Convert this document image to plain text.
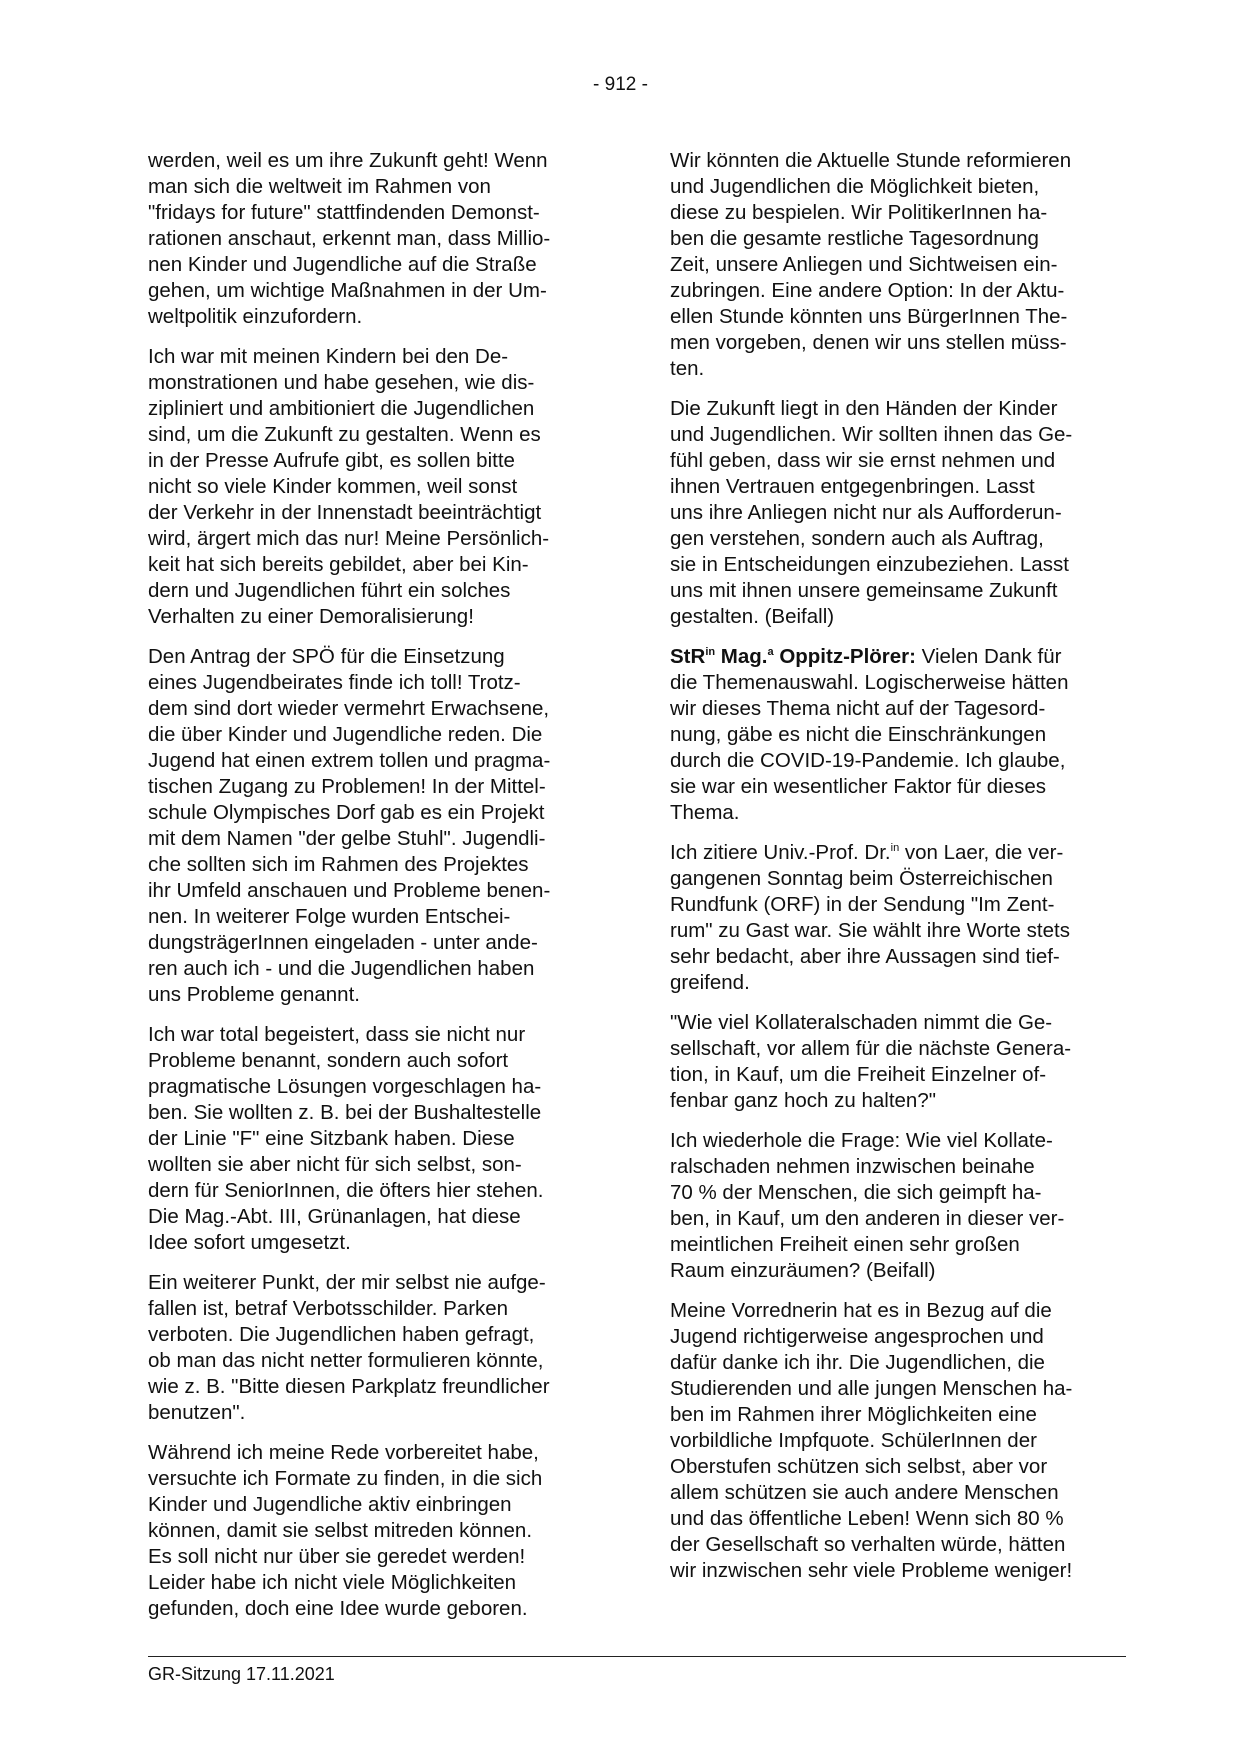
- 912 -

werden, weil es um ihre Zukunft geht! Wenn
man sich die weltweit im Rahmen von
"fridays for future" stattfindenden Demonst-
rationen anschaut, erkennt man, dass Millio-
nen Kinder und Jugendliche auf die Straße
gehen, um wichtige Maßnahmen in der Um-
weltpolitik einzufordern.

Ich war mit meinen Kindern bei den De-
monstrationen und habe gesehen, wie dis-
zipliniert und ambitioniert die Jugendlichen
sind, um die Zukunft zu gestalten. Wenn es
in der Presse Aufrufe gibt, es sollen bitte
nicht so viele Kinder kommen, weil sonst
der Verkehr in der Innenstadt beeinträchtigt
wird, ärgert mich das nur! Meine Persönlich-
keit hat sich bereits gebildet, aber bei Kin-
dern und Jugendlichen führt ein solches
Verhalten zu einer Demoralisierung!

Den Antrag der SPÖ für die Einsetzung
eines Jugendbeirates finde ich toll! Trotz-
dem sind dort wieder vermehrt Erwachsene,
die über Kinder und Jugendliche reden. Die
Jugend hat einen extrem tollen und pragma-
tischen Zugang zu Problemen! In der Mittel-
schule Olympisches Dorf gab es ein Projekt
mit dem Namen "der gelbe Stuhl". Jugendli-
che sollten sich im Rahmen des Projektes
ihr Umfeld anschauen und Probleme benen-
nen. In weiterer Folge wurden Entschei-
dungsträgerInnen eingeladen - unter ande-
ren auch ich - und die Jugendlichen haben
uns Probleme genannt.

Ich war total begeistert, dass sie nicht nur
Probleme benannt, sondern auch sofort
pragmatische Lösungen vorgeschlagen ha-
ben. Sie wollten z. B. bei der Bushaltestelle
der Linie "F" eine Sitzbank haben. Diese
wollten sie aber nicht für sich selbst, son-
dern für SeniorInnen, die öfters hier stehen.
Die Mag.-Abt. III, Grünanlagen, hat diese
Idee sofort umgesetzt.

Ein weiterer Punkt, der mir selbst nie aufge-
fallen ist, betraf Verbotsschilder. Parken
verboten. Die Jugendlichen haben gefragt,
ob man das nicht netter formulieren könnte,
wie z. B. "Bitte diesen Parkplatz freundlicher
benutzen".

Während ich meine Rede vorbereitet habe,
versuchte ich Formate zu finden, in die sich
Kinder und Jugendliche aktiv einbringen
können, damit sie selbst mitreden können.
Es soll nicht nur über sie geredet werden!
Leider habe ich nicht viele Möglichkeiten
gefunden, doch eine Idee wurde geboren.

Wir könnten die Aktuelle Stunde reformieren
und Jugendlichen die Möglichkeit bieten,
diese zu bespielen. Wir PolitikerInnen ha-
ben die gesamte restliche Tagesordnung
Zeit, unsere Anliegen und Sichtweisen ein-
zubringen. Eine andere Option: In der Aktu-
ellen Stunde könnten uns BürgerInnen The-
men vorgeben, denen wir uns stellen müss-
ten.

Die Zukunft liegt in den Händen der Kinder
und Jugendlichen. Wir sollten ihnen das Ge-
fühl geben, dass wir sie ernst nehmen und
ihnen Vertrauen entgegenbringen. Lasst
uns ihre Anliegen nicht nur als Aufforderun-
gen verstehen, sondern auch als Auftrag,
sie in Entscheidungen einzubeziehen. Lasst
uns mit ihnen unsere gemeinsame Zukunft
gestalten. (Beifall)

StR$^{in}$ Mag.$^a$ Oppitz-Plörer: Vielen Dank für
die Themenauswahl. Logischerweise hätten
wir dieses Thema nicht auf der Tagesord-
nung, gäbe es nicht die Einschränkungen
durch die COVID-19-Pandemie. Ich glaube,
sie war ein wesentlicher Faktor für dieses
Thema.

Ich zitiere Univ.-Prof. Dr.$^{in}$ von Laer, die ver-
gangenen Sonntag beim Österreichischen
Rundfunk (ORF) in der Sendung "Im Zent-
rum" zu Gast war. Sie wählt ihre Worte stets
sehr bedacht, aber ihre Aussagen sind tief-
greifend.

"Wie viel Kollateralschaden nimmt die Ge-
sellschaft, vor allem für die nächste Genera-
tion, in Kauf, um die Freiheit Einzelner of-
fenbar ganz hoch zu halten?"

Ich wiederhole die Frage: Wie viel Kollate-
ralschaden nehmen inzwischen beinahe
70 % der Menschen, die sich geimpft ha-
ben, in Kauf, um den anderen in dieser ver-
meintlichen Freiheit einen sehr großen
Raum einzuräumen? (Beifall)

Meine Vorrednerin hat es in Bezug auf die
Jugend richtigerweise angesprochen und
dafür danke ich ihr. Die Jugendlichen, die
Studierenden und alle jungen Menschen ha-
ben im Rahmen ihrer Möglichkeiten eine
vorbildliche Impfquote. SchülerInnen der
Oberstufen schützen sich selbst, aber vor
allem schützen sie auch andere Menschen
und das öffentliche Leben! Wenn sich 80 %
der Gesellschaft so verhalten würde, hätten
wir inzwischen sehr viele Probleme weniger!

GR-Sitzung 17.11.2021
